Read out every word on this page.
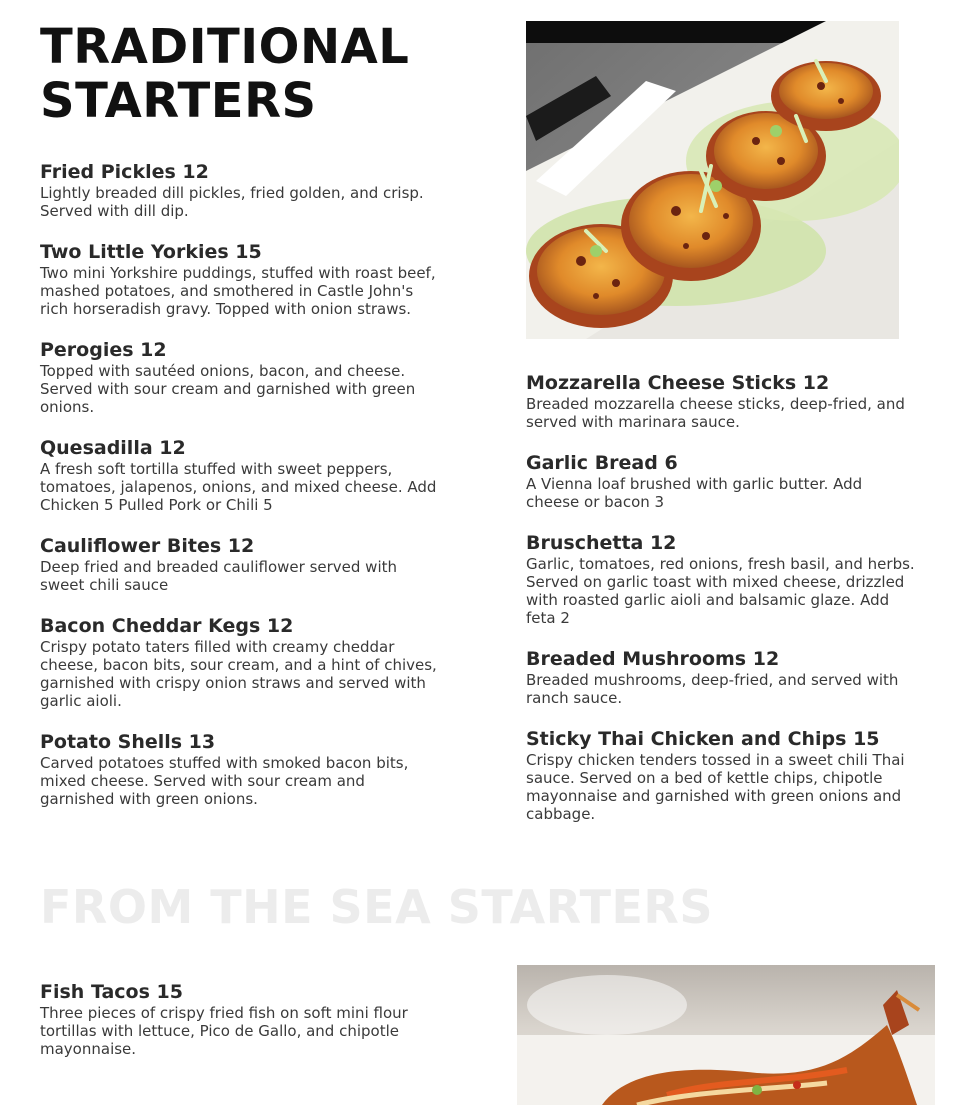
TRADITIONAL STARTERS
Fried Pickles 12

Lightly breaded dill pickles, fried golden, and crisp. Served with dill dip.

Two Little Yorkies 15

Two mini Yorkshire puddings, stuffed with roast beef, mashed potatoes, and smothered in Castle John's rich horseradish gravy. Topped with onion straws.

Perogies 12

Topped with sautéed onions, bacon, and cheese. Served with sour cream and garnished with green onions.

Quesadilla 12

A fresh soft tortilla stuffed with sweet peppers, tomatoes, jalapenos, onions, and mixed cheese. Add Chicken 5 Pulled Pork or Chili 5

Cauliflower Bites 12

Deep fried and breaded cauliflower served with sweet chili sauce

Bacon Cheddar Kegs 12

Crispy potato taters filled with creamy cheddar cheese, bacon bits, sour cream, and a hint of chives, garnished with crispy onion straws and served with garlic aioli.

Potato Shells 13

Carved potatoes stuffed with smoked bacon bits, mixed cheese. Served with sour cream and garnished with green onions.

Mozzarella Cheese Sticks 12

Breaded mozzarella cheese sticks, deep-fried, and served with marinara sauce.

Garlic Bread 6

A Vienna loaf brushed with garlic butter. Add cheese or bacon 3

Bruschetta 12

Garlic, tomatoes, red onions, fresh basil, and herbs. Served on garlic toast with mixed cheese, drizzled with roasted garlic aioli and balsamic glaze. Add feta 2

Breaded Mushrooms 12

Breaded mushrooms, deep-fried, and served with ranch sauce.

Sticky Thai Chicken and Chips 15

Crispy chicken tenders tossed in a sweet chili Thai sauce. Served on a bed of kettle chips, chipotle mayonnaise and garnished with green onions and cabbage.

FROM THE SEA STARTERS
Fish Tacos 15

Three pieces of crispy fried fish on soft mini flour tortillas with lettuce, Pico de Gallo, and chipotle mayonnaise.
